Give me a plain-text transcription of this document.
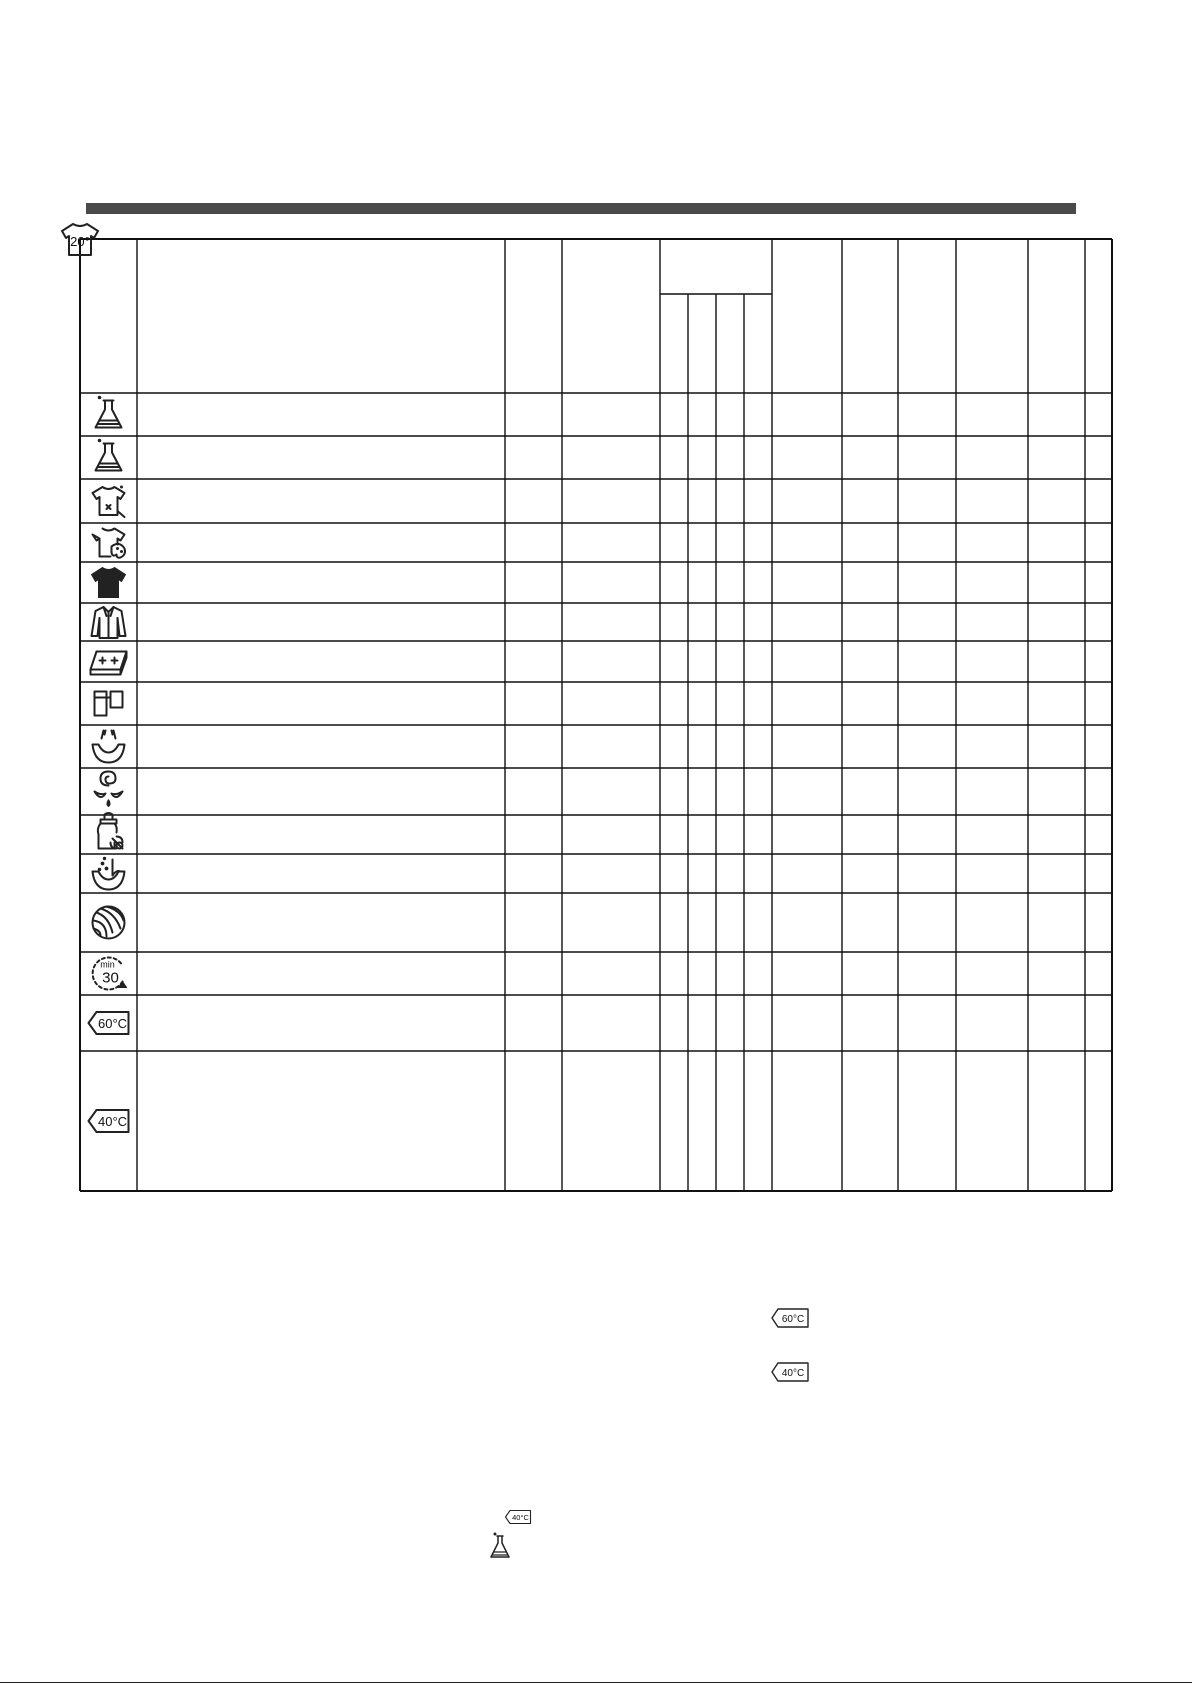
min
30
60°C
40°C
20°
60°C
40°C
40°C
